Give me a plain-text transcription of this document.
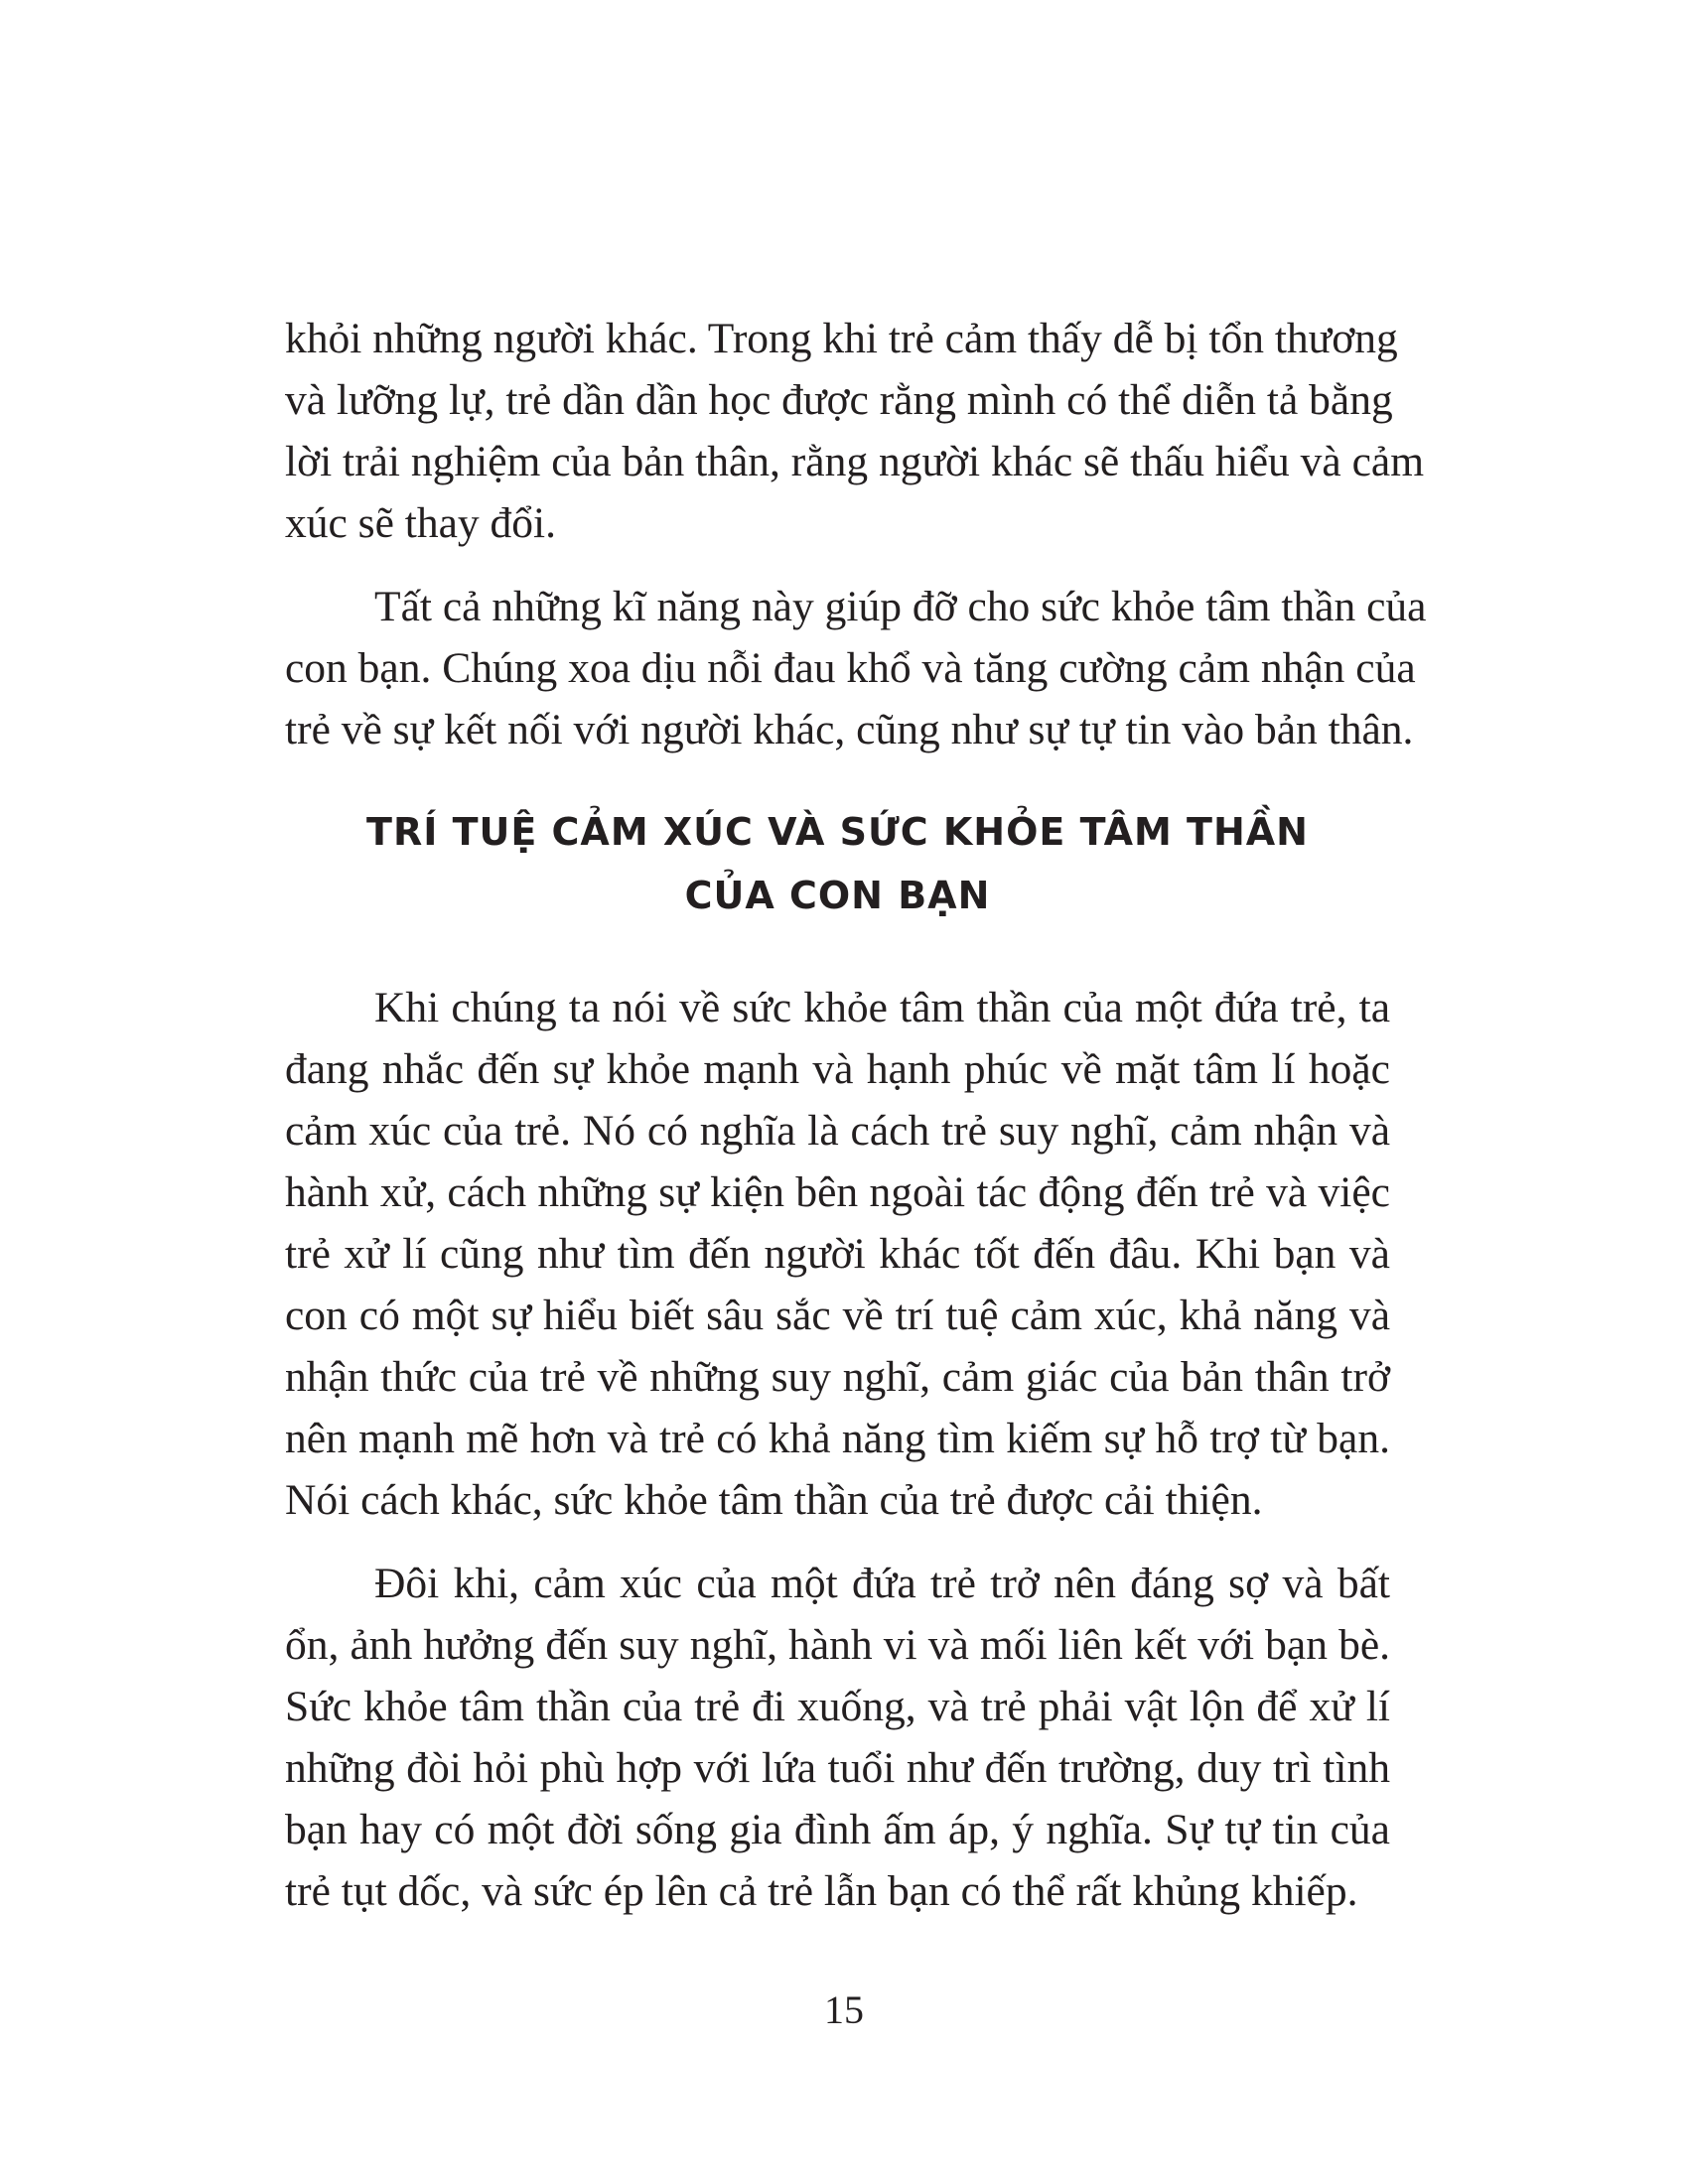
khỏi những người khác. Trong khi trẻ cảm thấy dễ bị tổn thương
và lưỡng lự, trẻ dần dần học được rằng mình có thể diễn tả bằng
lời trải nghiệm của bản thân, rằng người khác sẽ thấu hiểu và cảm
xúc sẽ thay đổi.
Tất cả những kĩ năng này giúp đỡ cho sức khỏe tâm thần của
con bạn. Chúng xoa dịu nỗi đau khổ và tăng cường cảm nhận của
trẻ về sự kết nối với người khác, cũng như sự tự tin vào bản thân.
TRÍ TUỆ CẢM XÚC VÀ SỨC KHỎE TÂM THẦN
CỦA CON BẠN
Khi chúng ta nói về sức khỏe tâm thần của một đứa trẻ, ta
đang nhắc đến sự khỏe mạnh và hạnh phúc về mặt tâm lí hoặc
cảm xúc của trẻ. Nó có nghĩa là cách trẻ suy nghĩ, cảm nhận và
hành xử, cách những sự kiện bên ngoài tác động đến trẻ và việc
trẻ xử lí cũng như tìm đến người khác tốt đến đâu. Khi bạn và
con có một sự hiểu biết sâu sắc về trí tuệ cảm xúc, khả năng và
nhận thức của trẻ về những suy nghĩ, cảm giác của bản thân trở
nên mạnh mẽ hơn và trẻ có khả năng tìm kiếm sự hỗ trợ từ bạn.
Nói cách khác, sức khỏe tâm thần của trẻ được cải thiện.
Đôi khi, cảm xúc của một đứa trẻ trở nên đáng sợ và bất
ổn, ảnh hưởng đến suy nghĩ, hành vi và mối liên kết với bạn bè.
Sức khỏe tâm thần của trẻ đi xuống, và trẻ phải vật lộn để xử lí
những đòi hỏi phù hợp với lứa tuổi như đến trường, duy trì tình
bạn hay có một đời sống gia đình ấm áp, ý nghĩa. Sự tự tin của
trẻ tụt dốc, và sức ép lên cả trẻ lẫn bạn có thể rất khủng khiếp.
15
